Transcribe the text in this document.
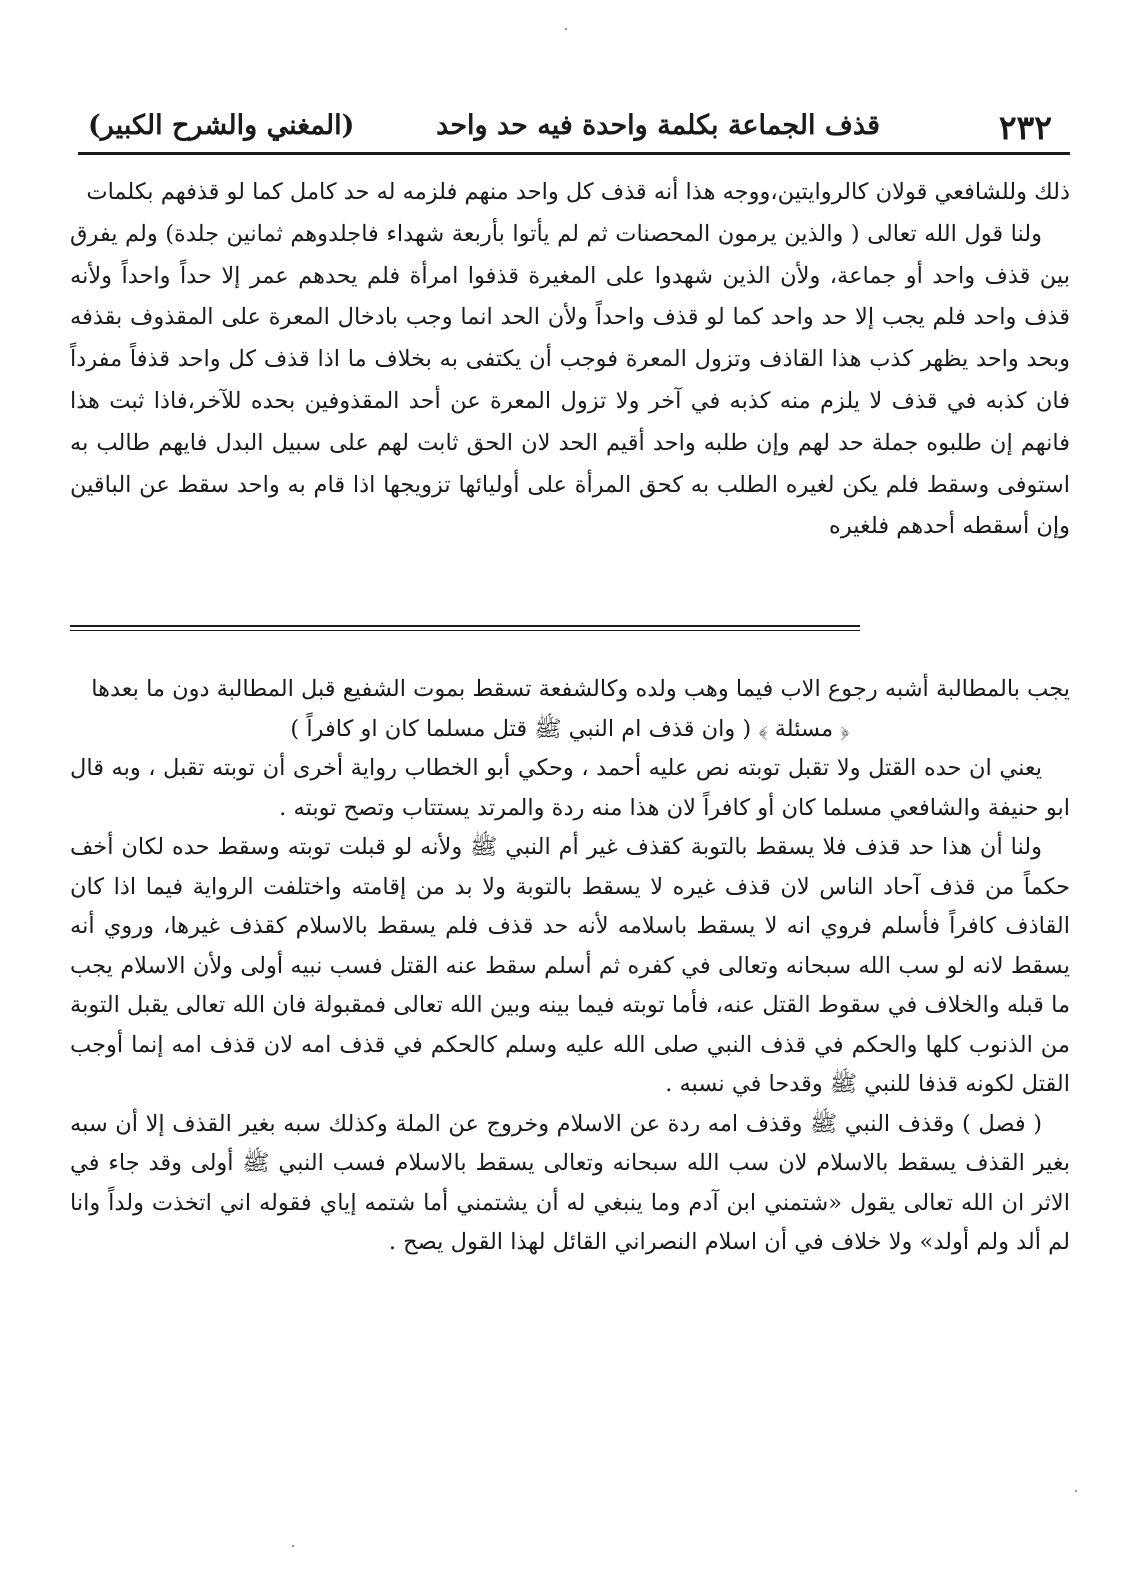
٢٣٢
قذف الجماعة بكلمة واحدة فيه حد واحد
(المغني والشرح الكبير)

ذلك وللشافعي قولان كالروايتين،ووجه هذا أنه قذف كل واحد منهم فلزمه له حد كامل كما لو قذفهم بكلمات

ولنا قول الله تعالى ( والذين يرمون المحصنات ثم لم يأتوا بأربعة شهداء فاجلدوهم ثمانين جلدة) ولم يفرق بين قذف واحد أو جماعة، ولأن الذين شهدوا على المغيرة قذفوا امرأة فلم يحدهم عمر إلا حداً واحداً ولأنه قذف واحد فلم يجب إلا حد واحد كما لو قذف واحداً ولأن الحد انما وجب بادخال المعرة على المقذوف بقذفه وبحد واحد يظهر كذب هذا القاذف وتزول المعرة فوجب أن يكتفى به بخلاف ما اذا قذف كل واحد قذفاً مفرداً فان كذبه في قذف لا يلزم منه كذبه في آخر ولا تزول المعرة عن أحد المقذوفين بحده للآخر،فاذا ثبت هذا فانهم إن طلبوه جملة حد لهم وإن طلبه واحد أقيم الحد لان الحق ثابت لهم على سبيل البدل فايهم طالب به استوفى وسقط فلم يكن لغيره الطلب به كحق المرأة على أوليائها تزويجها اذا قام به واحد سقط عن الباقين وإن أسقطه أحدهم فلغيره

يجب بالمطالبة أشبه رجوع الاب فيما وهب ولده وكالشفعة تسقط بموت الشفيع قبل المطالبة دون ما بعدها

﴿ مسئلة ﴾ ( وان قذف ام النبي ﷺ قتل مسلما كان او كافراً )

يعني ان حده القتل ولا تقبل توبته نص عليه أحمد ، وحكي أبو الخطاب رواية أخرى أن توبته تقبل ، وبه قال ابو حنيفة والشافعي مسلما كان أو كافراً لان هذا منه ردة والمرتد يستتاب وتصح توبته .

ولنا أن هذا حد قذف فلا يسقط بالتوبة كقذف غير أم النبي ﷺ ولأنه لو قبلت توبته وسقط حده لكان أخف حكماً من قذف آحاد الناس لان قذف غيره لا يسقط بالتوبة ولا بد من إقامته واختلفت الرواية فيما اذا كان القاذف كافراً فأسلم فروي انه لا يسقط باسلامه لأنه حد قذف فلم يسقط بالاسلام كقذف غيرها، وروي أنه يسقط لانه لو سب الله سبحانه وتعالى في كفره ثم أسلم سقط عنه القتل فسب نبيه أولى ولأن الاسلام يجب ما قبله والخلاف في سقوط القتل عنه، فأما توبته فيما بينه وبين الله تعالى فمقبولة فان الله تعالى يقبل التوبة من الذنوب كلها والحكم في قذف النبي صلى الله عليه وسلم كالحكم في قذف امه لان قذف امه إنما أوجب القتل لكونه قذفا للنبي ﷺ وقدحا في نسبه .

( فصل ) وقذف النبي ﷺ وقذف امه ردة عن الاسلام وخروج عن الملة وكذلك سبه بغير القذف إلا أن سبه بغير القذف يسقط بالاسلام لان سب الله سبحانه وتعالى يسقط بالاسلام فسب النبي ﷺ أولى وقد جاء في الاثر ان الله تعالى يقول «شتمني ابن آدم وما ينبغي له أن يشتمني أما شتمه إياي فقوله اني اتخذت ولداً وانا لم ألد ولم أولد» ولا خلاف في أن اسلام النصراني القائل لهذا القول يصح .
